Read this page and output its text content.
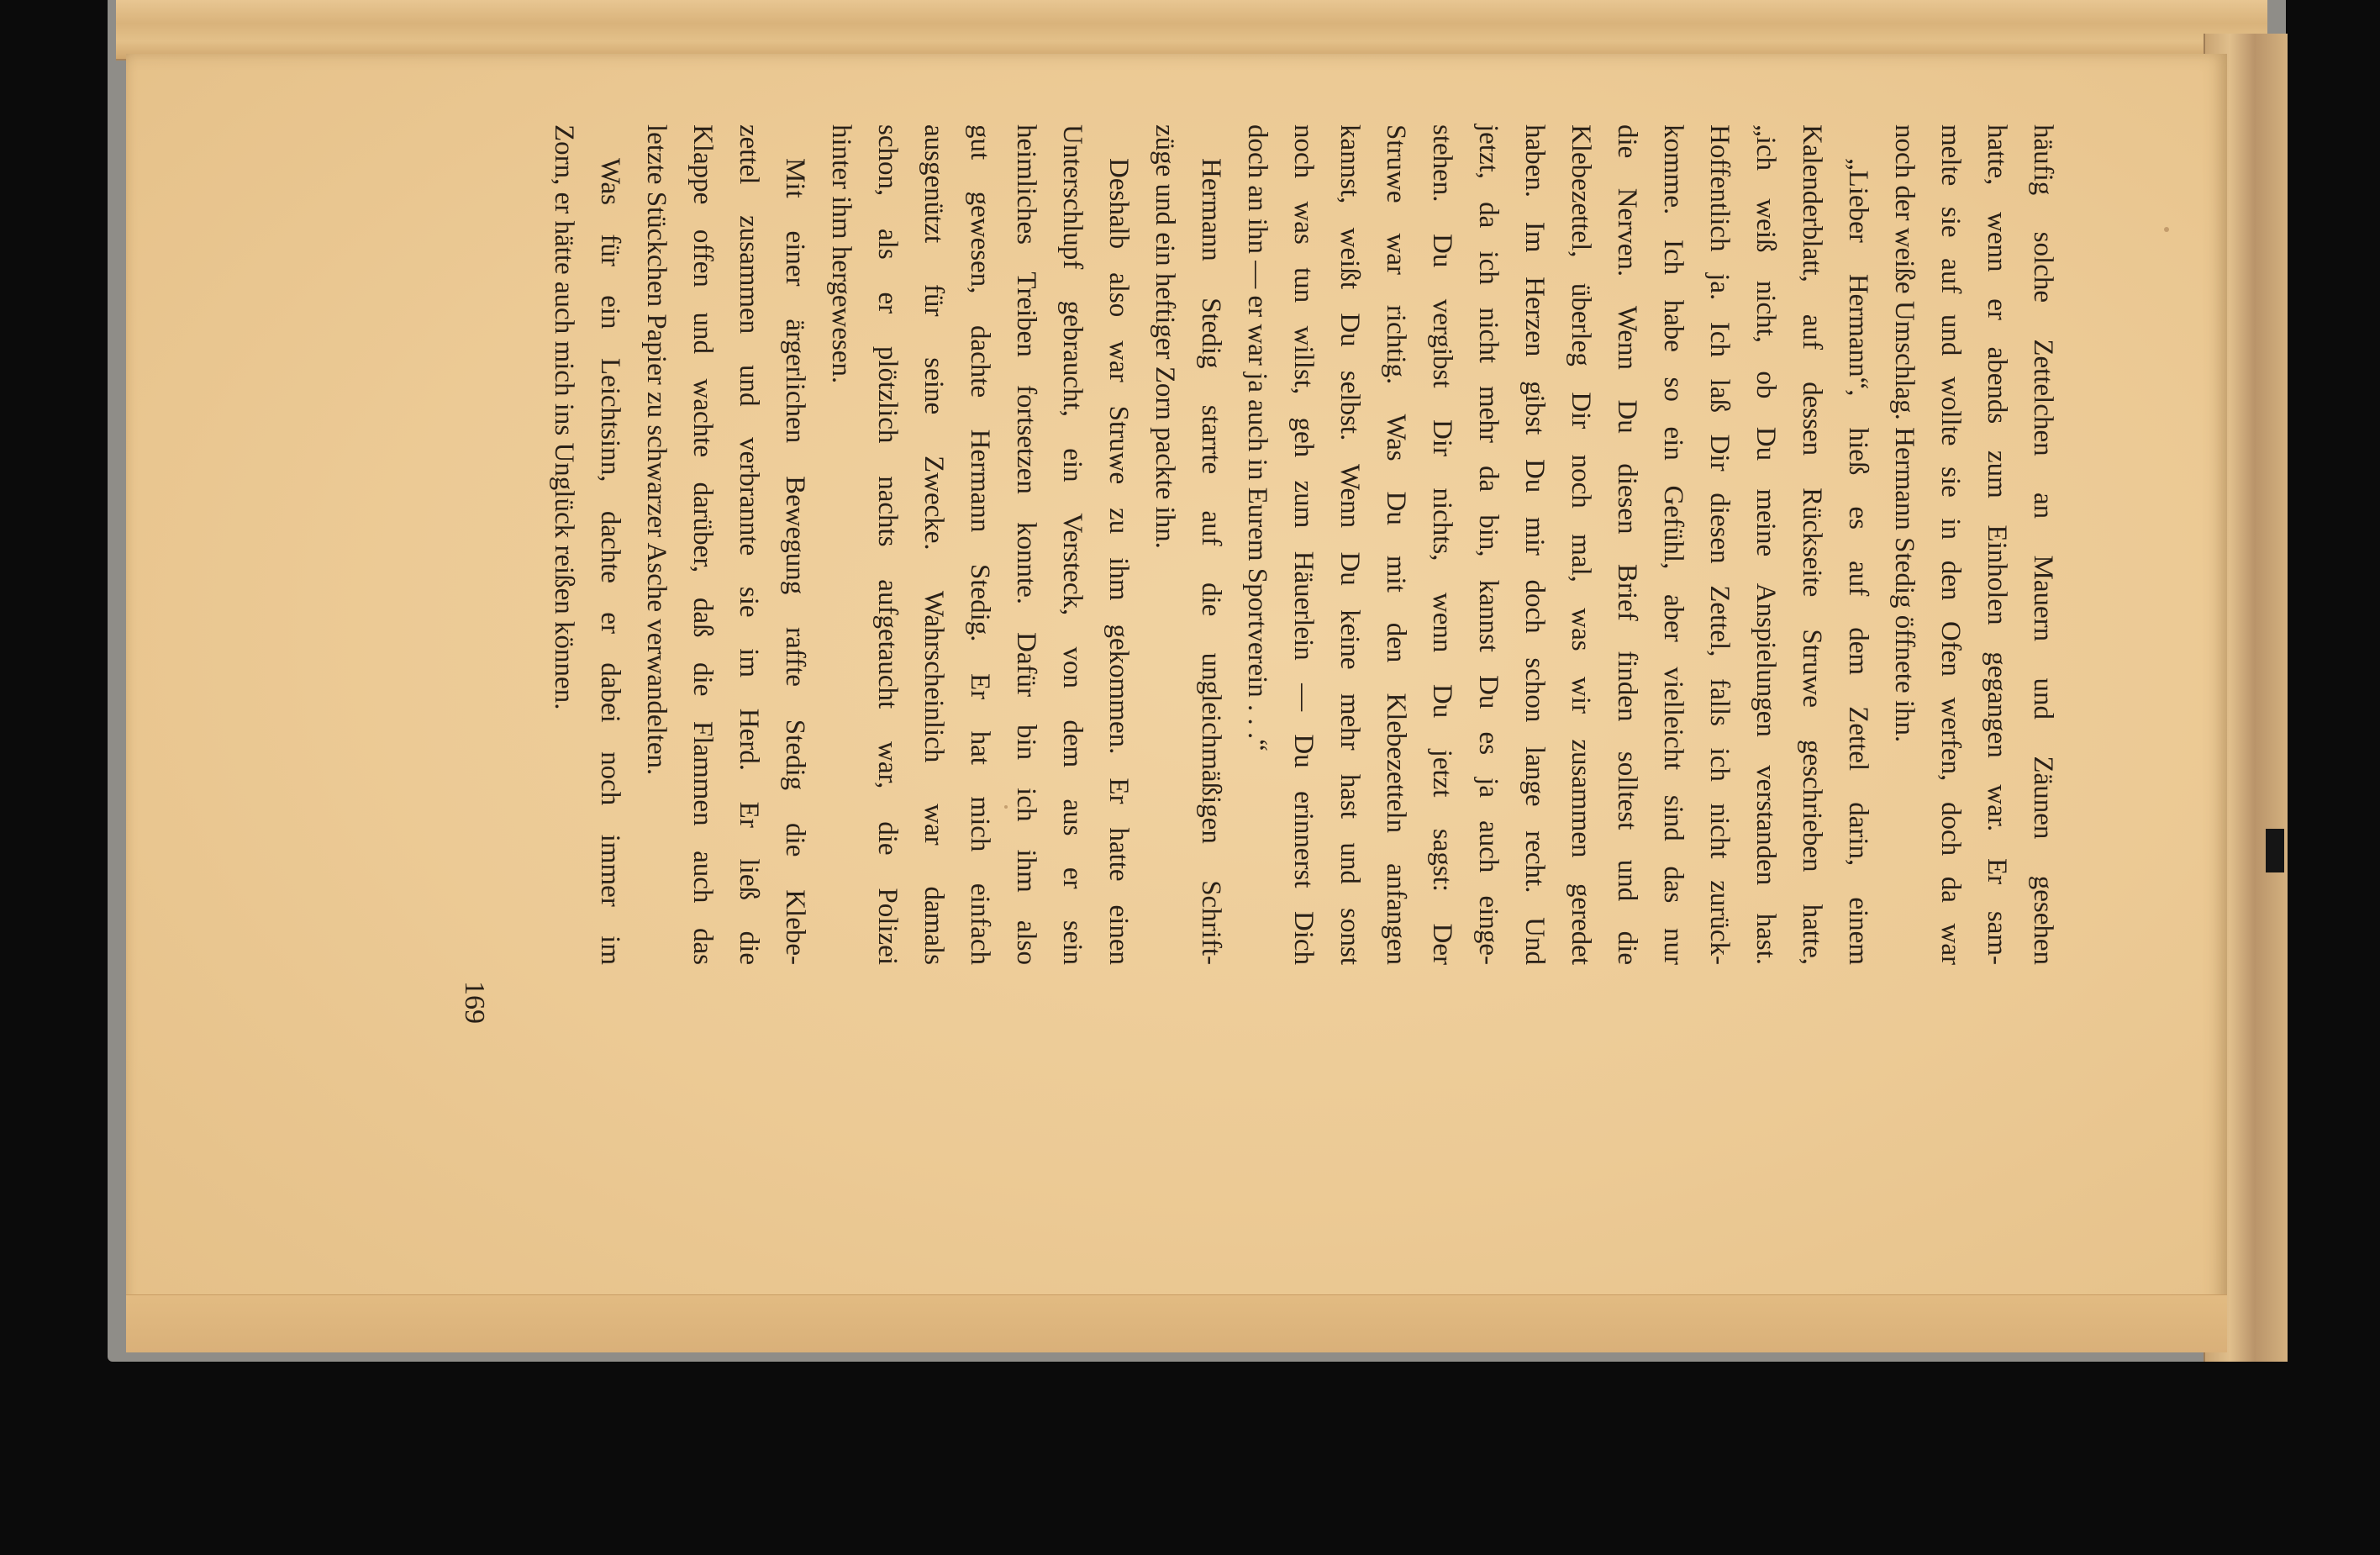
häufig solche Zettelchen an Mauern und Zäunen gesehen
hatte, wenn er abends zum Einholen gegangen war. Er sam-
melte sie auf und wollte sie in den Ofen werfen, doch da war
noch der weiße Umschlag. Hermann Stedig öffnete ihn.
„Lieber Hermann“, hieß es auf dem Zettel darin, einem
Kalenderblatt, auf dessen Rückseite Struwe geschrieben hatte,
„ich weiß nicht, ob Du meine Anspielungen verstanden hast.
Hoffentlich ja. Ich laß Dir diesen Zettel, falls ich nicht zurück-
komme. Ich habe so ein Gefühl, aber vielleicht sind das nur
die Nerven. Wenn Du diesen Brief finden solltest und die
Klebezettel, überleg Dir noch mal, was wir zusammen geredet
haben. Im Herzen gibst Du mir doch schon lange recht. Und
jetzt, da ich nicht mehr da bin, kannst Du es ja auch einge-
stehen. Du vergibst Dir nichts, wenn Du jetzt sagst: Der
Struwe war richtig. Was Du mit den Klebezetteln anfangen
kannst, weißt Du selbst. Wenn Du keine mehr hast und sonst
noch was tun willst, geh zum Häuerlein — Du erinnerst Dich
doch an ihn — er war ja auch in Eurem Sportverein . . .“
Hermann Stedig starrte auf die ungleichmäßigen Schrift-
züge und ein heftiger Zorn packte ihn.
Deshalb also war Struwe zu ihm gekommen. Er hatte einen
Unterschlupf gebraucht, ein Versteck, von dem aus er sein
heimliches Treiben fortsetzen konnte. Dafür bin ich ihm also
gut gewesen, dachte Hermann Stedig. Er hat mich einfach
ausgenützt für seine Zwecke. Wahrscheinlich war damals
schon, als er plötzlich nachts aufgetaucht war, die Polizei
hinter ihm hergewesen.
Mit einer ärgerlichen Bewegung raffte Stedig die Klebe-
zettel zusammen und verbrannte sie im Herd. Er ließ die
Klappe offen und wachte darüber, daß die Flammen auch das
letzte Stückchen Papier zu schwarzer Asche verwandelten.
Was für ein Leichtsinn, dachte er dabei noch immer im
Zorn, er hätte auch mich ins Unglück reißen können.
169
